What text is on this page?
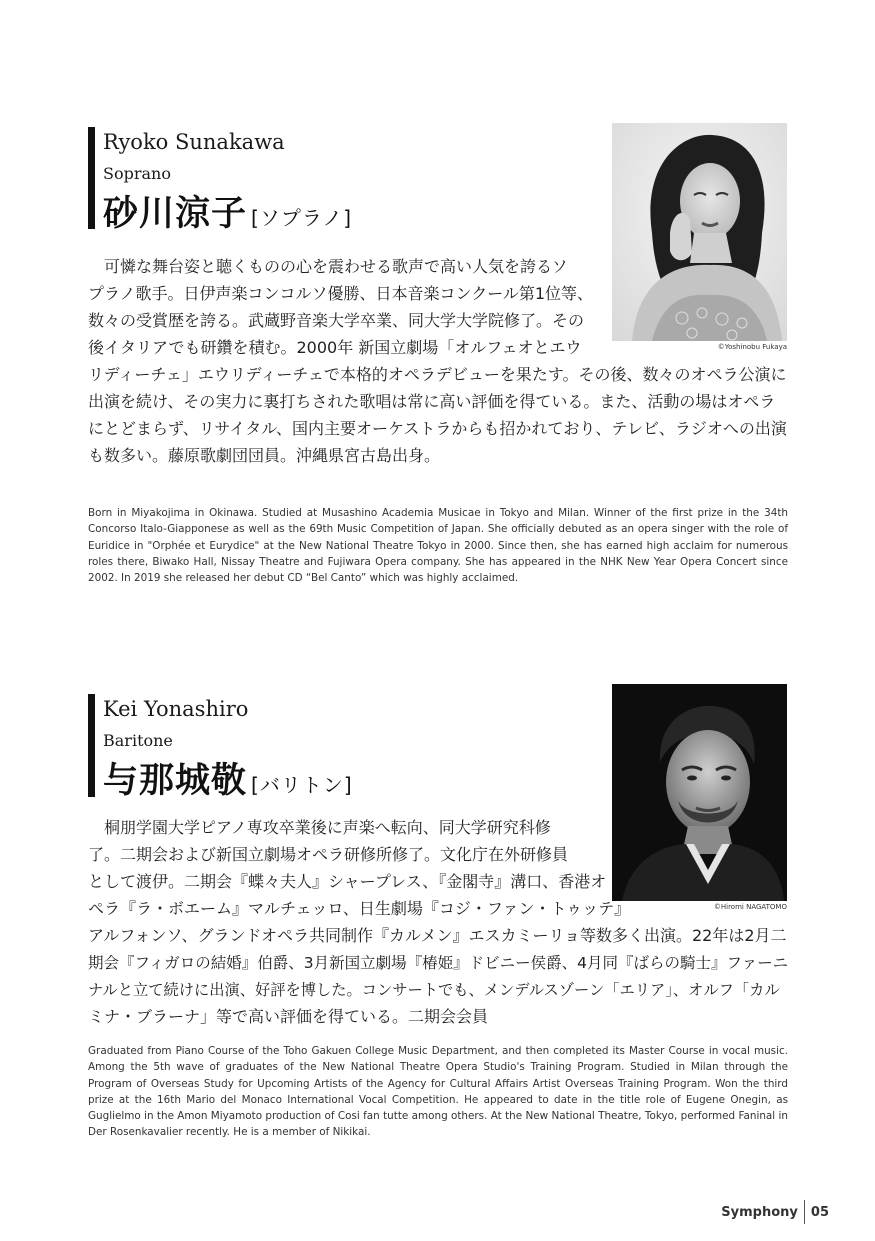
Ryoko Sunakawa
Soprano
砂川涼子 [ソプラノ]
©Yoshinobu Fukaya
　可憐な舞台姿と聴くものの心を震わせる歌声で高い人気を誇るソ
プラノ歌手。日伊声楽コンコルソ優勝、日本音楽コンクール第1位等、
数々の受賞歴を誇る。武蔵野音楽大学卒業、同大学大学院修了。その
後イタリアでも研鑽を積む。2000年 新国立劇場「オルフェオとエウ
リディーチェ」エウリディーチェで本格的オペラデビューを果たす。その後、数々のオペラ公演に
出演を続け、その実力に裏打ちされた歌唱は常に高い評価を得ている。また、活動の場はオペラ
にとどまらず、リサイタル、国内主要オーケストラからも招かれており、テレビ、ラジオへの出演
も数多い。藤原歌劇団団員。沖縄県宮古島出身。

Born in Miyakojima in Okinawa. Studied at Musashino Academia Musicae in Tokyo and Milan. Winner of the first prize in the 34th Concorso Italo-Giapponese as well as the 69th Music Competition of Japan. She officially debuted as an opera singer with the role of Euridice in "Orphée et Eurydice" at the New National Theatre Tokyo in 2000. Since then, she has earned high acclaim for numerous roles there, Biwako Hall, Nissay Theatre and Fujiwara Opera company. She has appeared in the NHK New Year Opera Concert since 2002. In 2019 she released her debut CD “Bel Canto” which was highly acclaimed.

Kei Yonashiro
Baritone
与那城敬 [バリトン]
©Hiromi NAGATOMO
　桐朋学園大学ピアノ専攻卒業後に声楽へ転向、同大学研究科修
了。二期会および新国立劇場オペラ研修所修了。文化庁在外研修員
として渡伊。二期会『蝶々夫人』シャープレス、『金閣寺』溝口、香港オ
ペラ『ラ・ボエーム』マルチェッロ、日生劇場『コジ・ファン・トゥッテ』
アルフォンソ、グランドオペラ共同制作『カルメン』エスカミーリョ等数多く出演。22年は2月二
期会『フィガロの結婚』伯爵、3月新国立劇場『椿姫』ドビニー侯爵、4月同『ばらの騎士』ファーニ
ナルと立て続けに出演、好評を博した。コンサートでも、メンデルスゾーン「エリア」、オルフ「カル
ミナ・ブラーナ」等で高い評価を得ている。二期会会員

Graduated from Piano Course of the Toho Gakuen College Music Department, and then completed its Master Course in vocal music. Among the 5th wave of graduates of the New National Theatre Opera Studio's Training Program. Studied in Milan through the Program of Overseas Study for Upcoming Artists of the Agency for Cultural Affairs Artist Overseas Training Program. Won the third prize at the 16th Mario del Monaco International Vocal Competition. He appeared to date in the title role of Eugene Onegin, as Guglielmo in the Amon Miyamoto production of Cosi fan tutte among others. At the New National Theatre, Tokyo, performed Faninal in Der Rosenkavalier recently. He is a member of Nikikai.

Symphony 05
